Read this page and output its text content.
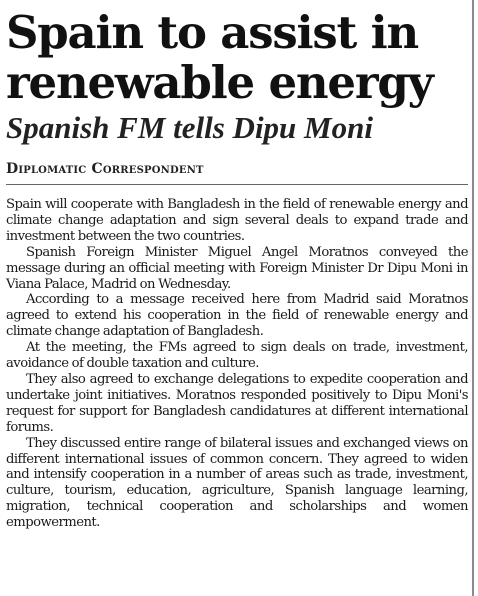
Spain to assist in renewable energy
Spanish FM tells Dipu Moni
Diplomatic Correspondent

Spain will cooperate with Bangladesh in the field of renewable energy and climate change adaptation and sign several deals to expand trade and investment between the two countries.

Spanish Foreign Minister Miguel Angel Moratnos conveyed the message during an official meeting with Foreign Minister Dr Dipu Moni in Viana Palace, Madrid on Wednesday.

According to a message received here from Madrid said Moratnos agreed to extend his cooperation in the field of renewable energy and climate change adaptation of Bangladesh.

At the meeting, the FMs agreed to sign deals on trade, investment, avoidance of double taxation and culture.

They also agreed to exchange delegations to expedite cooperation and undertake joint initiatives. Moratnos responded positively to Dipu Moni's request for support for Bangladesh candidatures at different international forums.

They discussed entire range of bilateral issues and exchanged views on different international issues of common concern. They agreed to widen and intensify cooperation in a number of areas such as trade, investment, culture, tourism, education, agriculture, Spanish language learning, migration, technical cooperation and scholarships and women empowerment.
